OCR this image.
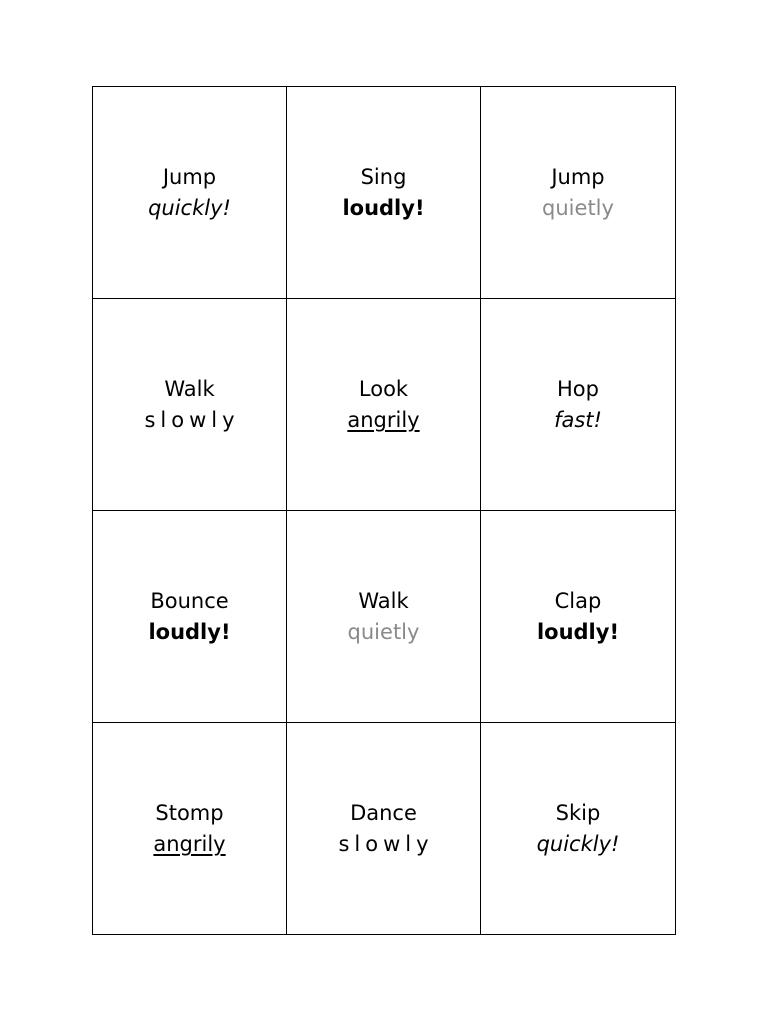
Jump
quickly!
Sing
loudly!
Jump
quietly
Walk
slowly
Look
angrily
Hop
fast!
Bounce
loudly!
Walk
quietly
Clap
loudly!
Stomp
angrily
Dance
slowly
Skip
quickly!
